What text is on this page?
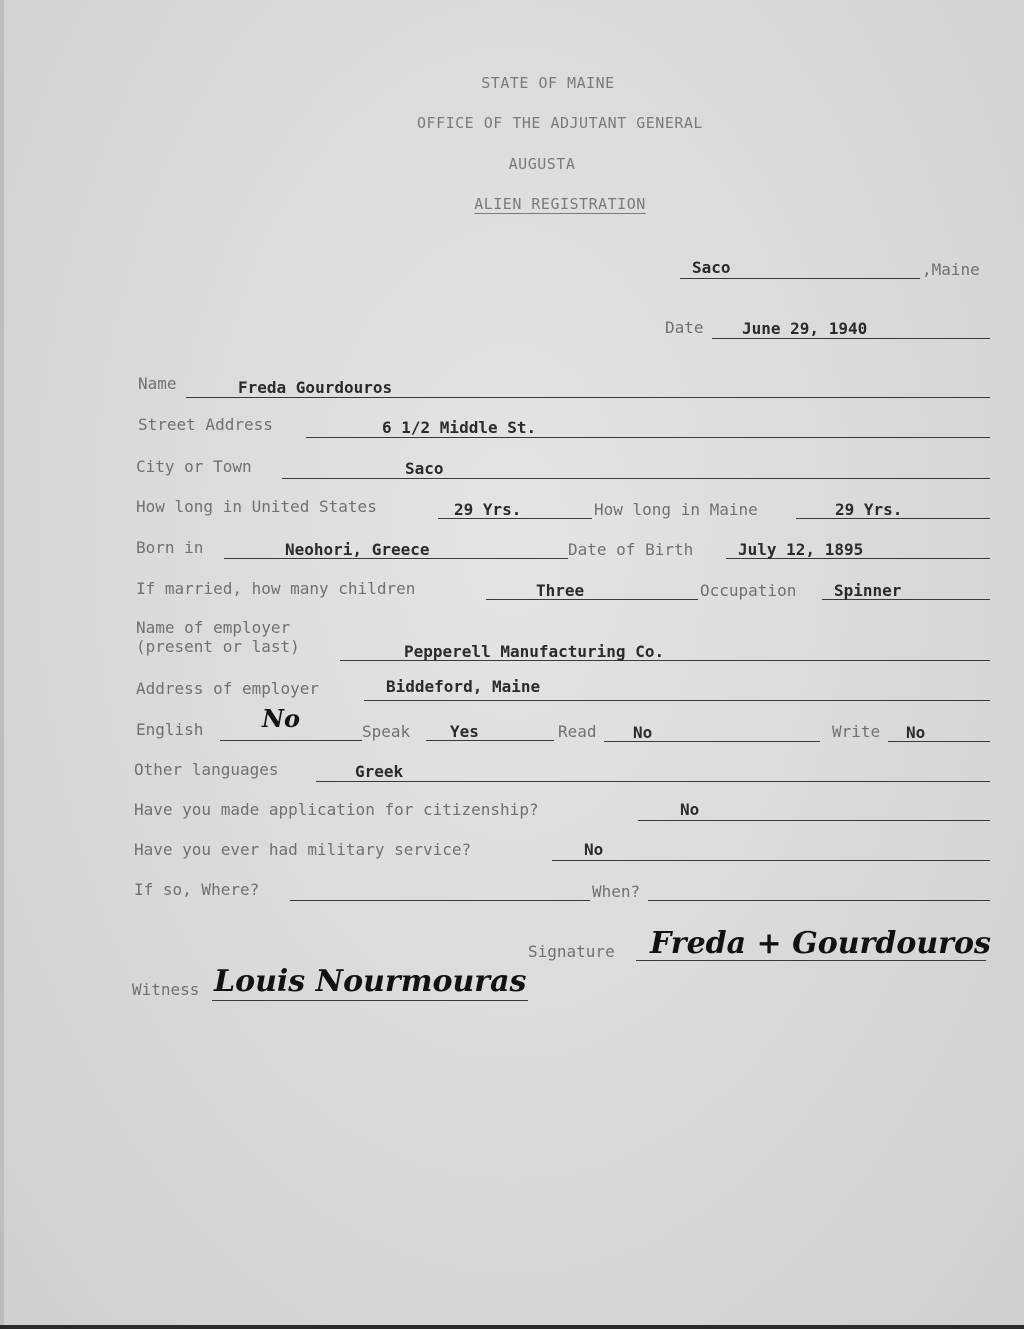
STATE OF MAINE
OFFICE OF THE ADJUTANT GENERAL
AUGUSTA
ALIEN REGISTRATION
Saco	,Maine
Date June 29, 1940
Name	Freda Gourdouros
Street Address	6 1/2 Middle St.
City or Town	Saco
How long in United States	29 Yrs.	How long in Maine	29 Yrs.
Born in	Neohori, Greece	Date of Birth	July 12, 1895
If married, how many children	Three	Occupation Spinner
Name of employer
(present or last)	Pepperell Manufacturing Co.
Address of employer	Biddeford, Maine
English No	Speak Yes	Read No	Write No
Other languages	Greek
Have you made application for citizenship?	No
Have you ever had military service?	No
If so, Where?	When?
Signature Freda + Gourdouros
Witness Louis Nourmouras
